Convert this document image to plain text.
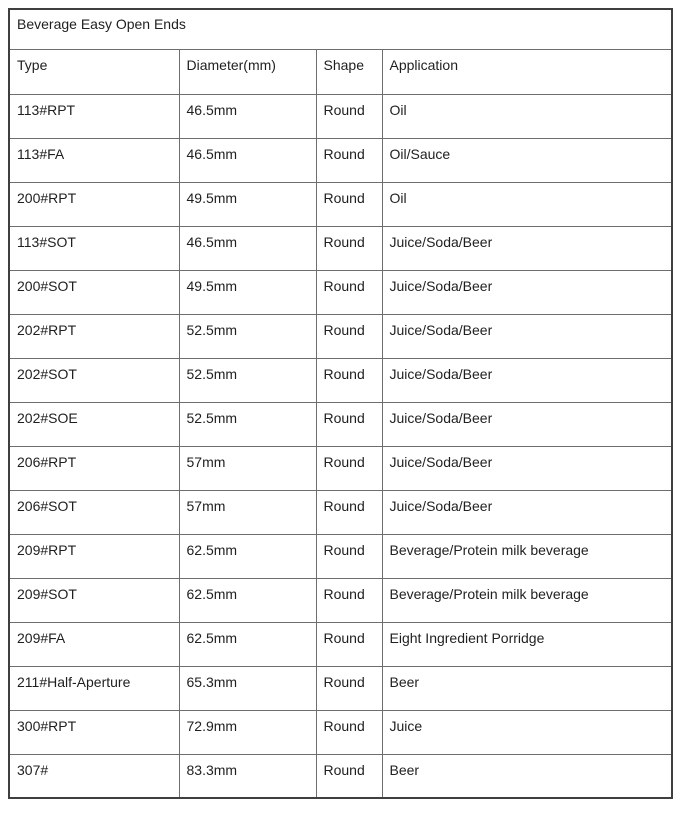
Beverage Easy Open Ends			
Type	Diameter(mm)	Shape	Application
113#RPT	46.5mm	Round	Oil
113#FA	46.5mm	Round	Oil/Sauce
200#RPT	49.5mm	Round	Oil
113#SOT	46.5mm	Round	Juice/Soda/Beer
200#SOT	49.5mm	Round	Juice/Soda/Beer
202#RPT	52.5mm	Round	Juice/Soda/Beer
202#SOT	52.5mm	Round	Juice/Soda/Beer
202#SOE	52.5mm	Round	Juice/Soda/Beer
206#RPT	57mm	Round	Juice/Soda/Beer
206#SOT	57mm	Round	Juice/Soda/Beer
209#RPT	62.5mm	Round	Beverage/Protein milk beverage
209#SOT	62.5mm	Round	Beverage/Protein milk beverage
209#FA	62.5mm	Round	Eight Ingredient Porridge
211#Half-Aperture	65.3mm	Round	Beer
300#RPT	72.9mm	Round	Juice
307#	83.3mm	Round	Beer
